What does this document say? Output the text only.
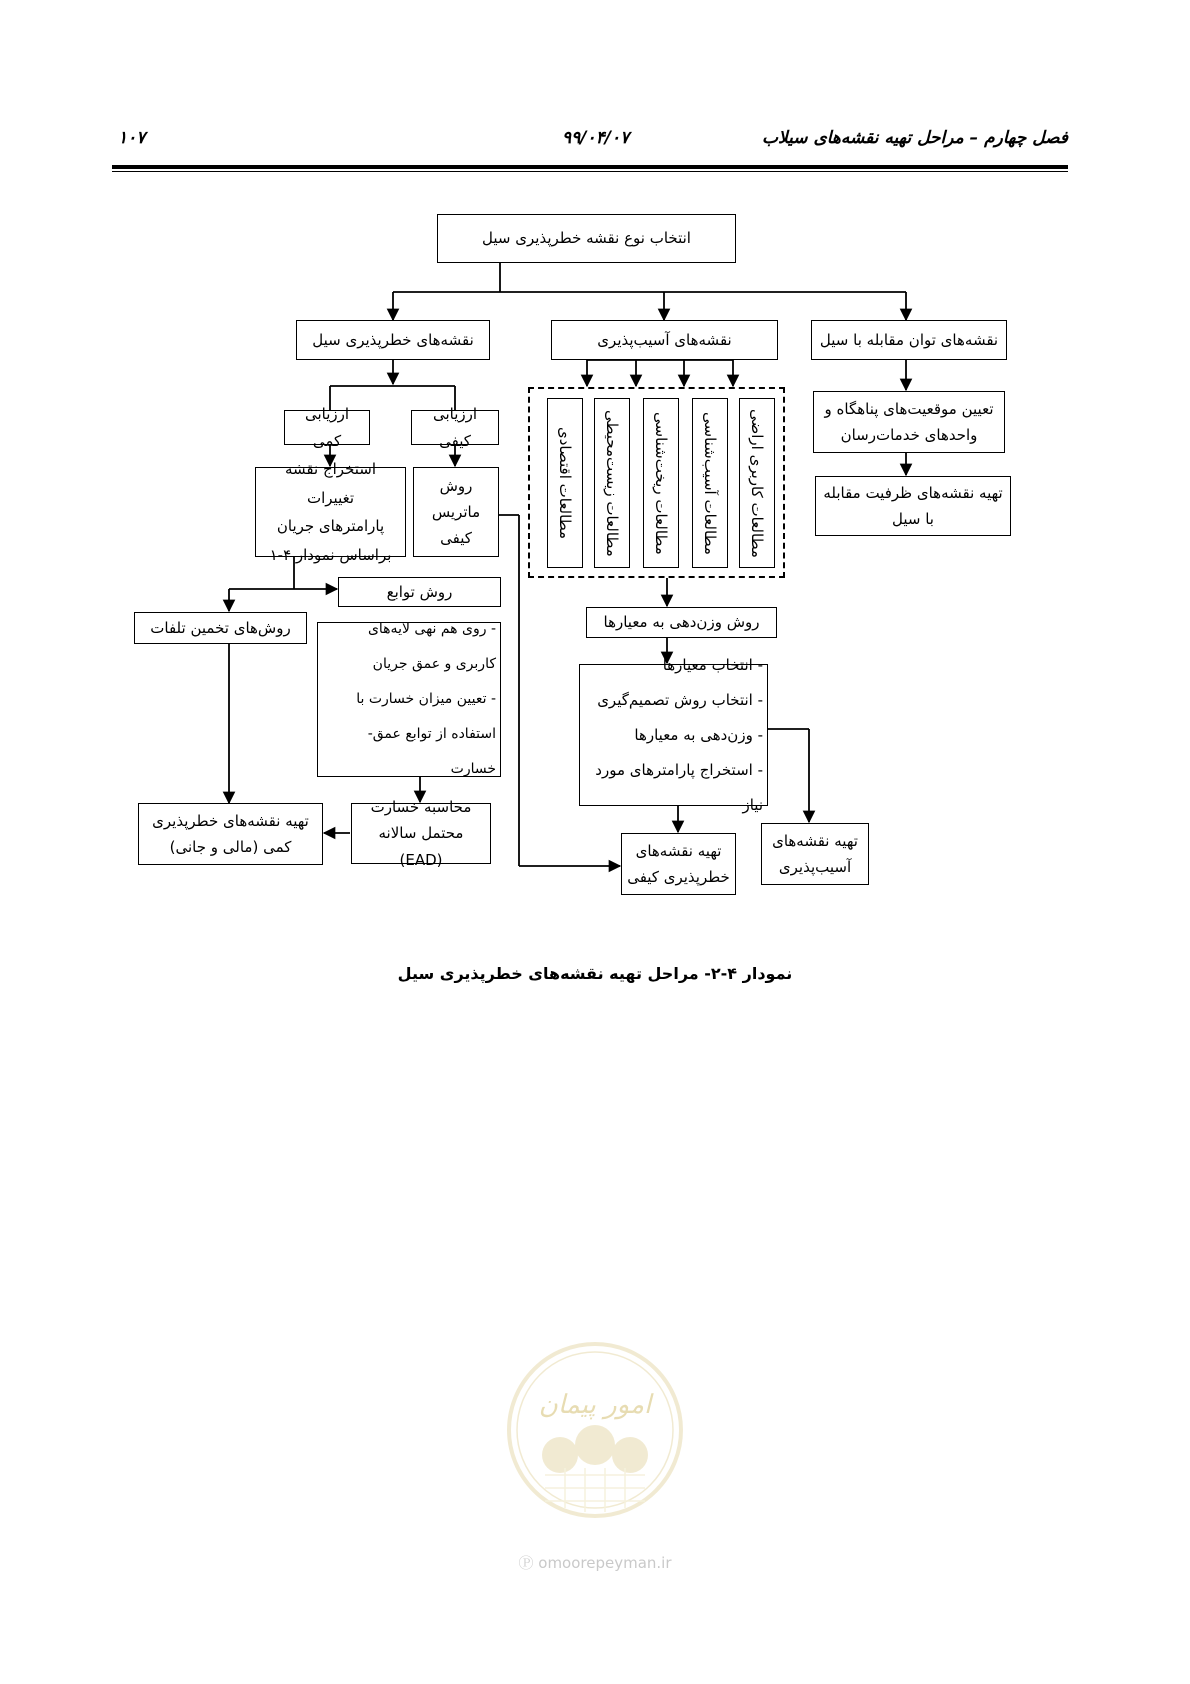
فصل چهارم – مراحل تهیه نقشه‌های سیلاب
۹۹/۰۴/۰۷
۱۰۷
انتخاب نوع نقشه خطرپذیری سیل
نقشه‌های توان مقابله با سیل
تعیین موقعیت‌های پناهگاه و
واحدهای خدمات‌رسان
تهیه نقشه‌های ظرفیت مقابله
با سیل
نقشه‌های آسیب‌پذیری
مطالعات کاربری اراضی
مطالعات آسیب‌شناسی
مطالعات ریخت‌شناسی
مطالعات زیست‌محیطی
مطالعات اقتصادی
روش وزن‌دهی به معیارها
- انتخاب معیارها
- انتخاب روش تصمیم‌گیری
- وزن‌دهی به معیارها
- استخراج پارامترهای مورد نیاز
تهیه نقشه‌های
آسیب‌پذیری
نقشه‌های خطرپذیری سیل
ارزیابی کیفی
ارزیابی کمی
روش ماتریس
کیفی
استخراج نقشه تغییرات
پارامترهای جریان
براساس نمودار ۴-۱
روش توابع
روش‌های تخمین تلفات	- روی هم نهی لایه‌های
کاربری و عمق جریان
- تعیین میزان خسارت با
استفاده از توابع عمق- خسارت
محاسبه خسارت
محتمل سالانه (EAD)
تهیه نقشه‌های خطرپذیری
کمی (مالی و جانی)	تهیه نقشه‌های
خطرپذیری کیفی
نمودار ۴-۲- مراحل تهیه نقشه‌های خطرپذیری سیل
امور پیمان
Ⓟ omoorepeyman.ir
